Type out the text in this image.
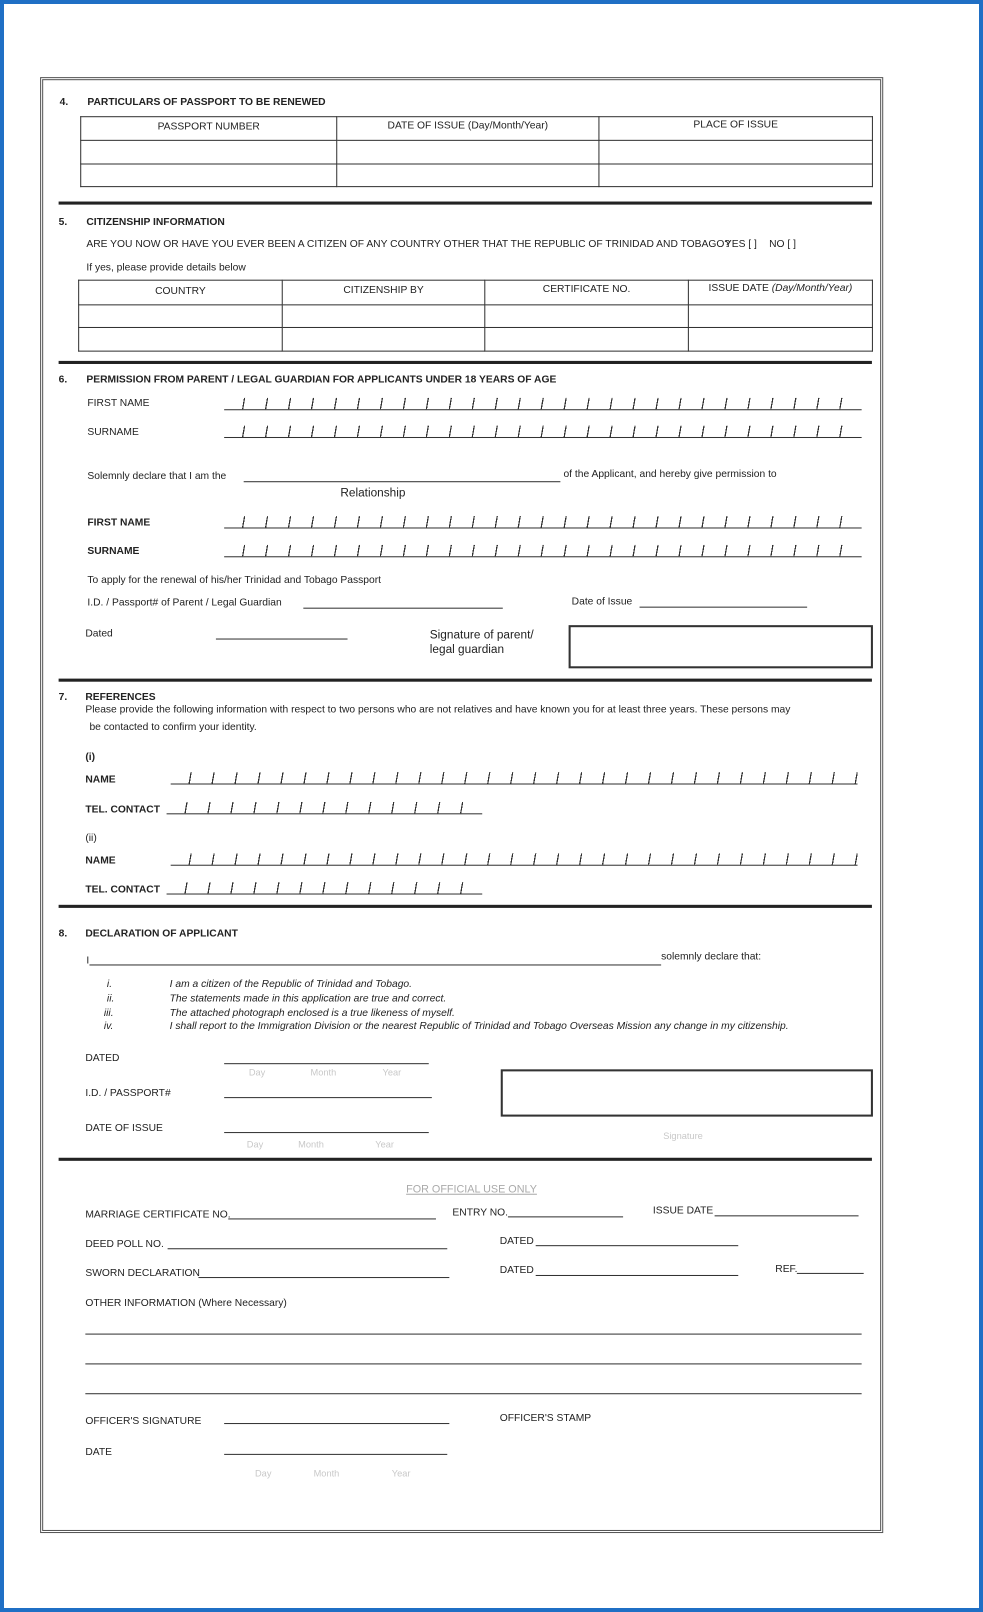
4. PARTICULARS OF PASSPORT TO BE RENEWED
PASSPORT NUMBER	DATE OF ISSUE (Day/Month/Year)	PLACE OF ISSUE

5. CITIZENSHIP INFORMATION
ARE YOU NOW OR HAVE YOU EVER BEEN A CITIZEN OF ANY COUNTRY OTHER THAT THE REPUBLIC OF TRINIDAD AND TOBAGO?
YES [ ] NO [ ]
If yes, please provide details below
COUNTRY	CITIZENSHIP BY	CERTIFICATE NO.	ISSUE DATE (Day/Month/Year)

6. PERMISSION FROM PARENT / LEGAL GUARDIAN FOR APPLICANTS UNDER 18 YEARS OF AGE
FIRST NAME
SURNAME
Solemnly declare that I am the	of the Applicant, and hereby give permission to
Relationship
FIRST NAME
SURNAME
To apply for the renewal of his/her Trinidad and Tobago Passport
I.D. / Passport# of Parent / Legal Guardian	Date of Issue
Dated	Signature of parent/ legal guardian
7. REFERENCES
Please provide the following information with respect to two persons who are not relatives and have known you for at least three years. These persons may
be contacted to confirm your identity.
(i)
NAME
TEL. CONTACT
(ii)
NAME
TEL. CONTACT
8. DECLARATION OF APPLICANT
I	solemnly declare that:
i.	I am a citizen of the Republic of Trinidad and Tobago.
ii.	The statements made in this application are true and correct.
iii.	The attached photograph enclosed is a true likeness of myself.
iv.	I shall report to the Immigration Division or the nearest Republic of Trinidad and Tobago Overseas Mission any change in my citizenship.
DATED
Day	Month	Year
I.D. / PASSPORT#
DATE OF ISSUE
Day	Month	Year
Signature
FOR OFFICIAL USE ONLY
MARRIAGE CERTIFICATE NO.	ENTRY NO.	ISSUE DATE
DEED POLL NO.	DATED
SWORN DECLARATION	DATED	REF.
OTHER INFORMATION (Where Necessary)
OFFICER'S SIGNATURE	OFFICER'S STAMP
DATE
Day	Month	Year
